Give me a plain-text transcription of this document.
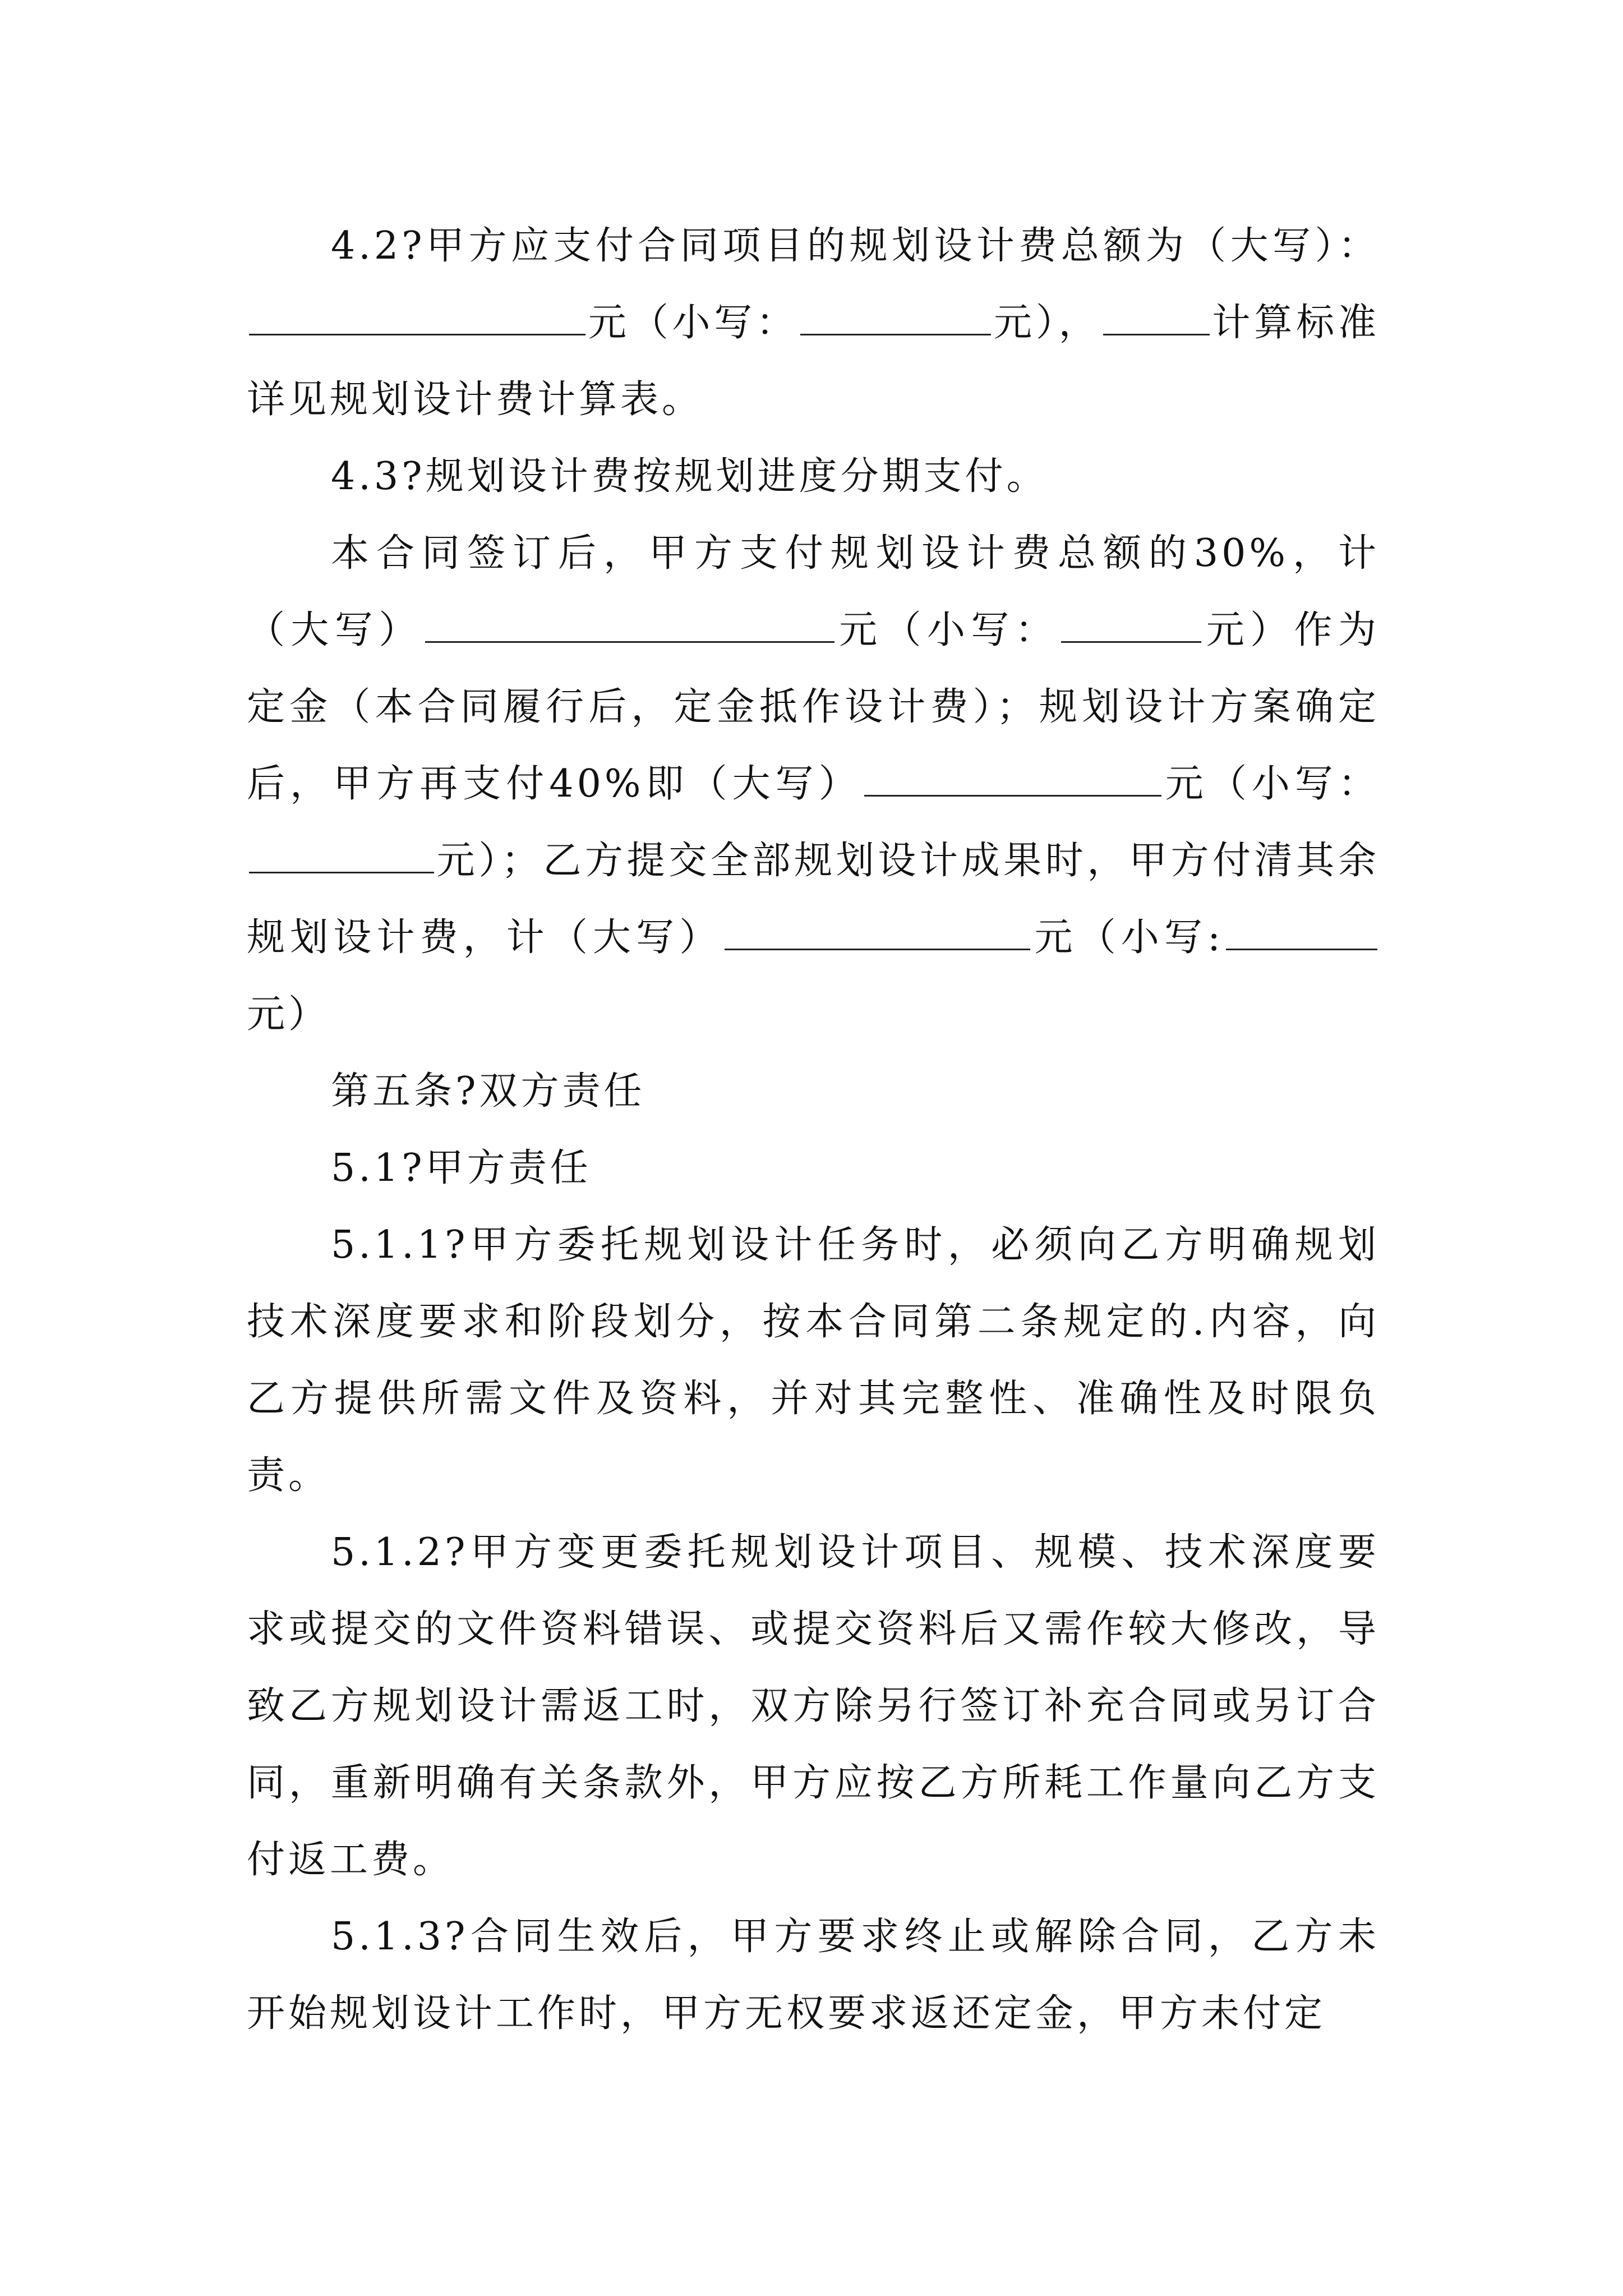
4.2?甲方应支付合同项目的规划设计费总额为（大写）：元（小写：	元），	计算标准详见规划设计费计算表。

4.3?规划设计费按规划进度分期支付。

本合同签订后，甲方支付规划设计费总额的30%，计（大写）	元（小写：	元）作为定金（本合同履行后，定金抵作设计费）；规划设计方案确定后，甲方再支付40%即（大写）	元（小写：元）；乙方提交全部规划设计成果时，甲方付清其余规划设计费，计（大写）	元（小写:元）

第五条?双方责任

5.1?甲方责任

5.1.1?甲方委托规划设计任务时，必须向乙方明确规划技术深度要求和阶段划分，按本合同第二条规定的.内容，向乙方提供所需文件及资料，并对其完整性、准确性及时限负责。

5.1.2?甲方变更委托规划设计项目、规模、技术深度要求或提交的文件资料错误、或提交资料后又需作较大修改，导致乙方规划设计需返工时，双方除另行签订补充合同或另订合同，重新明确有关条款外，甲方应按乙方所耗工作量向乙方支付返工费。

5.1.3?合同生效后，甲方要求终止或解除合同，乙方未开始规划设计工作时，甲方无权要求返还定金，甲方未付定
